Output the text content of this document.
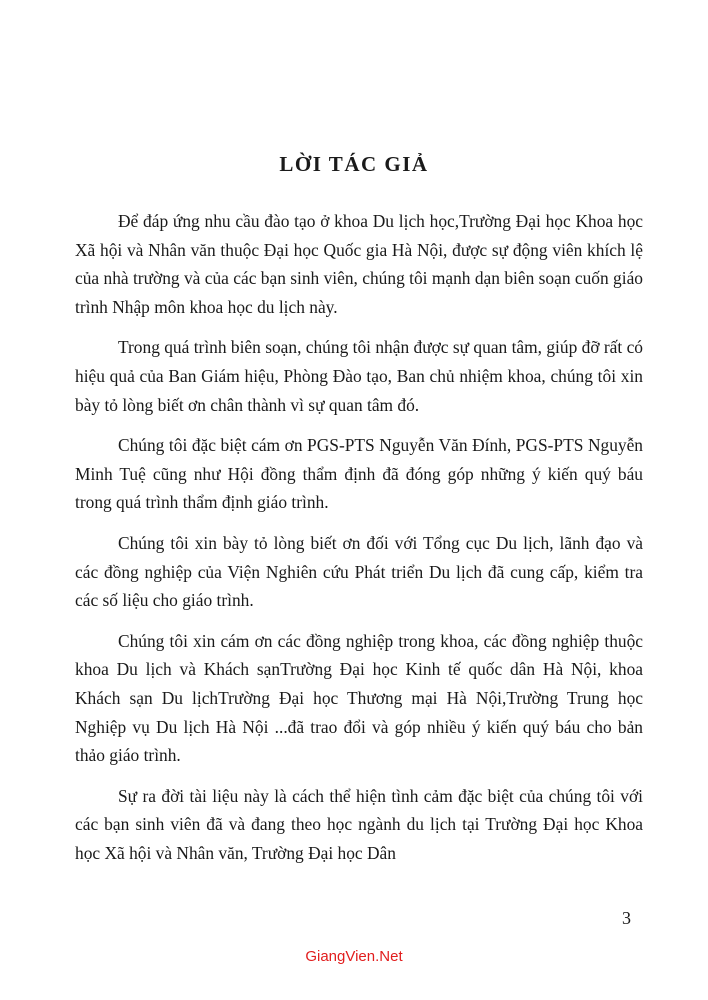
LỜI TÁC GIẢ

Để đáp ứng nhu cầu đào tạo ở khoa Du lịch học,Trường Đại học Khoa học Xã hội và Nhân văn thuộc Đại học Quốc gia Hà Nội, được sự động viên khích lệ của nhà trường và của các bạn sinh viên, chúng tôi mạnh dạn biên soạn cuốn giáo trình Nhập môn khoa học du lịch này.

Trong quá trình biên soạn, chúng tôi nhận được sự quan tâm, giúp đỡ rất có hiệu quả của Ban Giám hiệu, Phòng Đào tạo, Ban chủ nhiệm khoa, chúng tôi xin bày tỏ lòng biết ơn chân thành vì sự quan tâm đó.

Chúng tôi đặc biệt cám ơn PGS-PTS Nguyễn Văn Đính, PGS-PTS Nguyễn Minh Tuệ cũng như Hội đồng thẩm định đã đóng góp những ý kiến quý báu trong quá trình thẩm định giáo trình.

Chúng tôi xin bày tỏ lòng biết ơn đối với Tổng cục Du lịch, lãnh đạo và các đồng nghiệp của Viện Nghiên cứu Phát triển Du lịch đã cung cấp, kiểm tra các số liệu cho giáo trình.

Chúng tôi xin cám ơn các đồng nghiệp trong khoa, các đồng nghiệp thuộc khoa Du lịch và Khách sạnTrường Đại học Kinh tế quốc dân Hà Nội, khoa Khách sạn Du lịchTrường Đại học Thương mại Hà Nội,Trường Trung học Nghiệp vụ Du lịch Hà Nội ...đã trao đổi và góp nhiều ý kiến quý báu cho bản thảo giáo trình.

Sự ra đời tài liệu này là cách thể hiện tình cảm đặc biệt của chúng tôi với các bạn sinh viên đã và đang theo học ngành du lịch tại Trường Đại học Khoa học Xã hội và Nhân văn, Trường Đại học Dân

3
GiangVien.Net
